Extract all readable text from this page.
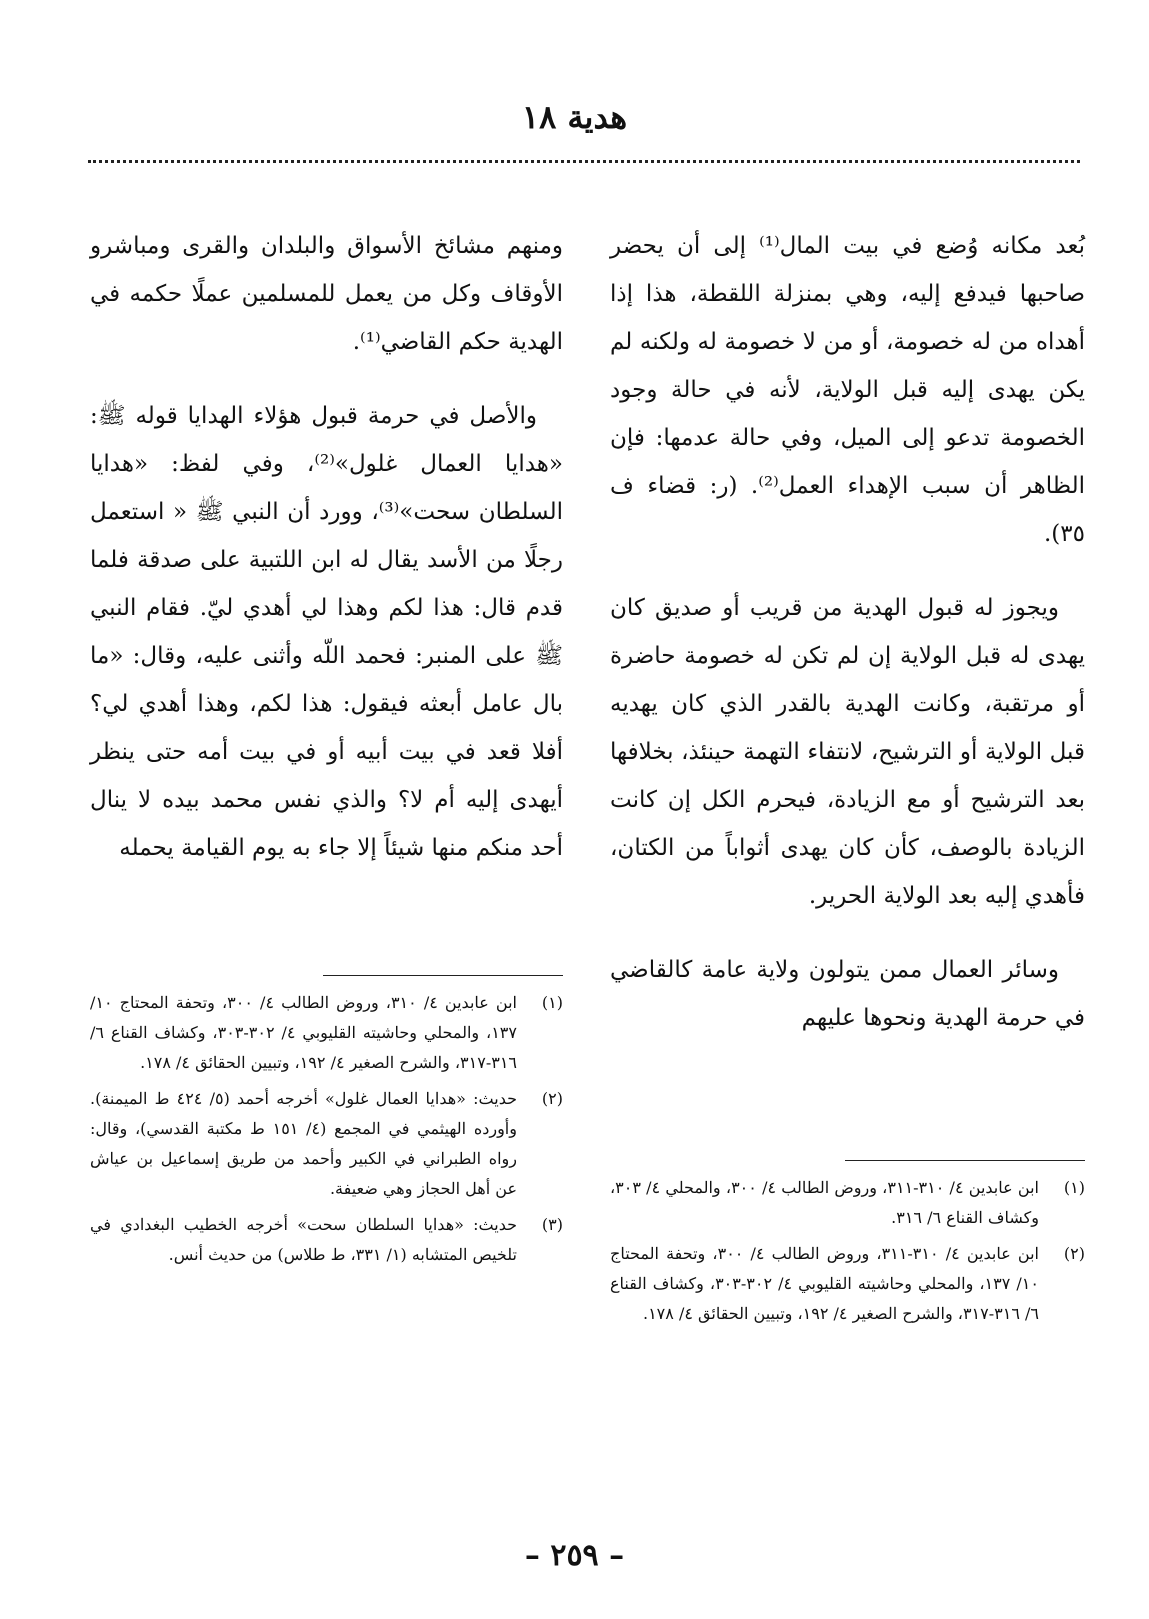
هدية ١٨

بُعد مكانه وُضع في بيت المال⁽¹⁾ إلى أن يحضر صاحبها فيدفع إليه، وهي بمنزلة اللقطة، هذا إذا أهداه من له خصومة، أو من لا خصومة له ولكنه لم يكن يهدى إليه قبل الولاية، لأنه في حالة وجود الخصومة تدعو إلى الميل، وفي حالة عدمها: فإن الظاهر أن سبب الإهداء العمل⁽²⁾. (ر: قضاء ف ٣٥).

ويجوز له قبول الهدية من قريب أو صديق كان يهدى له قبل الولاية إن لم تكن له خصومة حاضرة أو مرتقبة، وكانت الهدية بالقدر الذي كان يهديه قبل الولاية أو الترشيح، لانتفاء التهمة حينئذ، بخلافها بعد الترشيح أو مع الزيادة، فيحرم الكل إن كانت الزيادة بالوصف، كأن كان يهدى أثواباً من الكتان، فأهدي إليه بعد الولاية الحرير.

وسائر العمال ممن يتولون ولاية عامة كالقاضي في حرمة الهدية ونحوها عليهم

ومنهم مشائخ الأسواق والبلدان والقرى ومباشرو الأوقاف وكل من يعمل للمسلمين عملًا حكمه في الهدية حكم القاضي⁽¹⁾.

والأصل في حرمة قبول هؤلاء الهدايا قوله ﷺ: «هدايا العمال غلول»⁽²⁾، وفي لفظ: «هدايا السلطان سحت»⁽³⁾، وورد أن النبي ﷺ « استعمل رجلًا من الأسد يقال له ابن اللتبية على صدقة فلما قدم قال: هذا لكم وهذا لي أهدي ليّ. فقام النبي ﷺ على المنبر: فحمد اللّه وأثنى عليه، وقال: «ما بال عامل أبعثه فيقول: هذا لكم، وهذا أهدي لي؟ أفلا قعد في بيت أبيه أو في بيت أمه حتى ينظر أيهدى إليه أم لا؟ والذي نفس محمد بيده لا ينال أحد منكم منها شيئاً إلا جاء به يوم القيامة يحمله

(١)
ابن عابدين ٤/ ٣١٠-٣١١، وروض الطالب ٤/ ٣٠٠، والمحلي ٤/ ٣٠٣، وكشاف القناع ٦/ ٣١٦.
(٢)
ابن عابدين ٤/ ٣١٠-٣١١، وروض الطالب ٤/ ٣٠٠، وتحفة المحتاج ١٠/ ١٣٧، والمحلي وحاشيته القليوبي ٤/ ٣٠٢-٣٠٣، وكشاف القناع ٦/ ٣١٦-٣١٧، والشرح الصغير ٤/ ١٩٢، وتبيين الحقائق ٤/ ١٧٨.
(١)
ابن عابدين ٤/ ٣١٠، وروض الطالب ٤/ ٣٠٠، وتحفة المحتاج ١٠/ ١٣٧، والمحلي وحاشيته القليوبي ٤/ ٣٠٢-٣٠٣، وكشاف القناع ٦/ ٣١٦-٣١٧، والشرح الصغير ٤/ ١٩٢، وتبيين الحقائق ٤/ ١٧٨.
(٢)
حديث: «هدايا العمال غلول» أخرجه أحمد (٥/ ٤٢٤ ط الميمنة). وأورده الهيثمي في المجمع (٤/ ١٥١ ط مكتبة القدسي)، وقال: رواه الطبراني في الكبير وأحمد من طريق إسماعيل بن عياش عن أهل الحجاز وهي ضعيفة.
(٣)
حديث: «هدايا السلطان سحت» أخرجه الخطيب البغدادي في تلخيص المتشابه (١/ ٣٣١، ط طلاس) من حديث أنس.
– ٢٥٩ –
